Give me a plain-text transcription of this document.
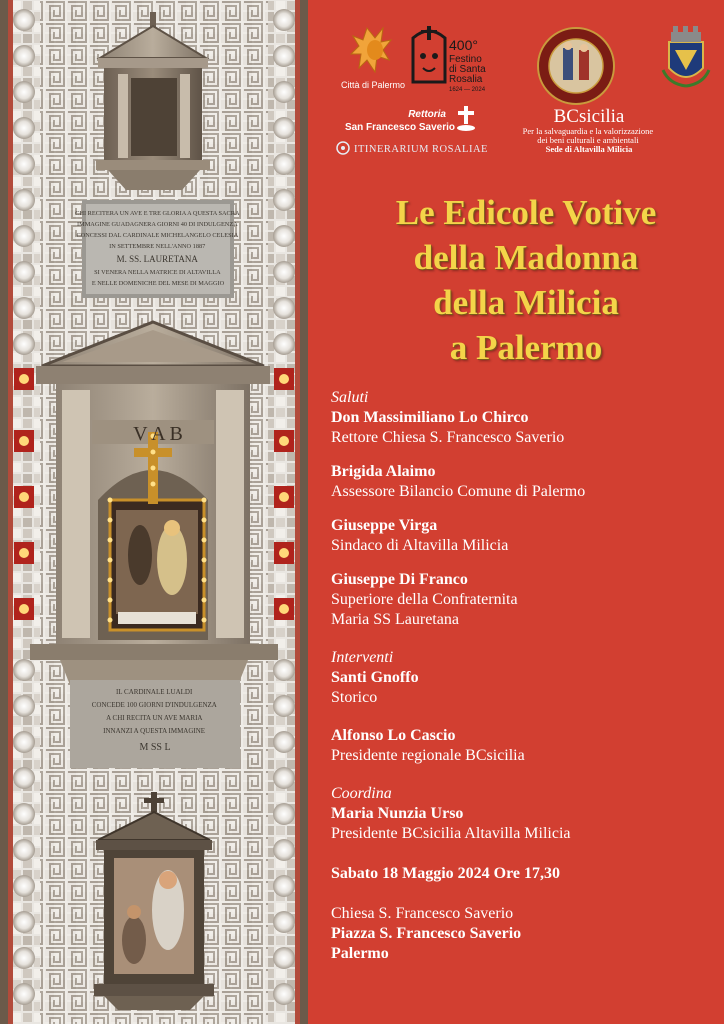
CHI RECITERA UN AVE E TRE GLORIA A QUESTA SACRA IMMAGINE GUADAGNERA GIORNI 40 DI INDULGENZA CONCESSI DAL CARDINALE MICHELANGELO CELESIA IN SETTEMBRE NELL'ANNO 1887 M. SS. LAURETANA SI VENERA NELLA MATRICE DI ALTAVILLA E NELLE DOMENICHE DEL MESE DI MAGGIO
V A B
IL CARDINALE LUALDI CONCEDE 100 GIORNI D'INDULGENZA A CHI RECITA UN AVE MARIA INNANZI A QUESTA IMMAGINE M SS L
Città di Palermo
400° Festino di Santa Rosalia 1624 — 2024
Rettoria
San Francesco Saverio
ITINERARIUM ROSALIAE
BCsicilia
Per la salvaguardia e la valorizzazione dei beni culturali e ambientali Sede di Altavilla Milicia
Le Edicole Votive
della Madonna
della Milicia
a Palermo
Saluti
Don Massimiliano Lo Chirco
Rettore Chiesa S. Francesco Saverio
Brigida Alaimo
Assessore Bilancio Comune di Palermo
Giuseppe Virga
Sindaco di Altavilla Milicia
Giuseppe Di Franco
Superiore della Confraternita
Maria SS Lauretana
Interventi
Santi Gnoffo
Storico
Alfonso Lo Cascio
Presidente regionale BCsicilia
Coordina
Maria Nunzia Urso
Presidente BCsicilia Altavilla Milicia
Sabato 18 Maggio 2024 Ore 17,30
Chiesa S. Francesco Saverio
Piazza S. Francesco Saverio
Palermo
